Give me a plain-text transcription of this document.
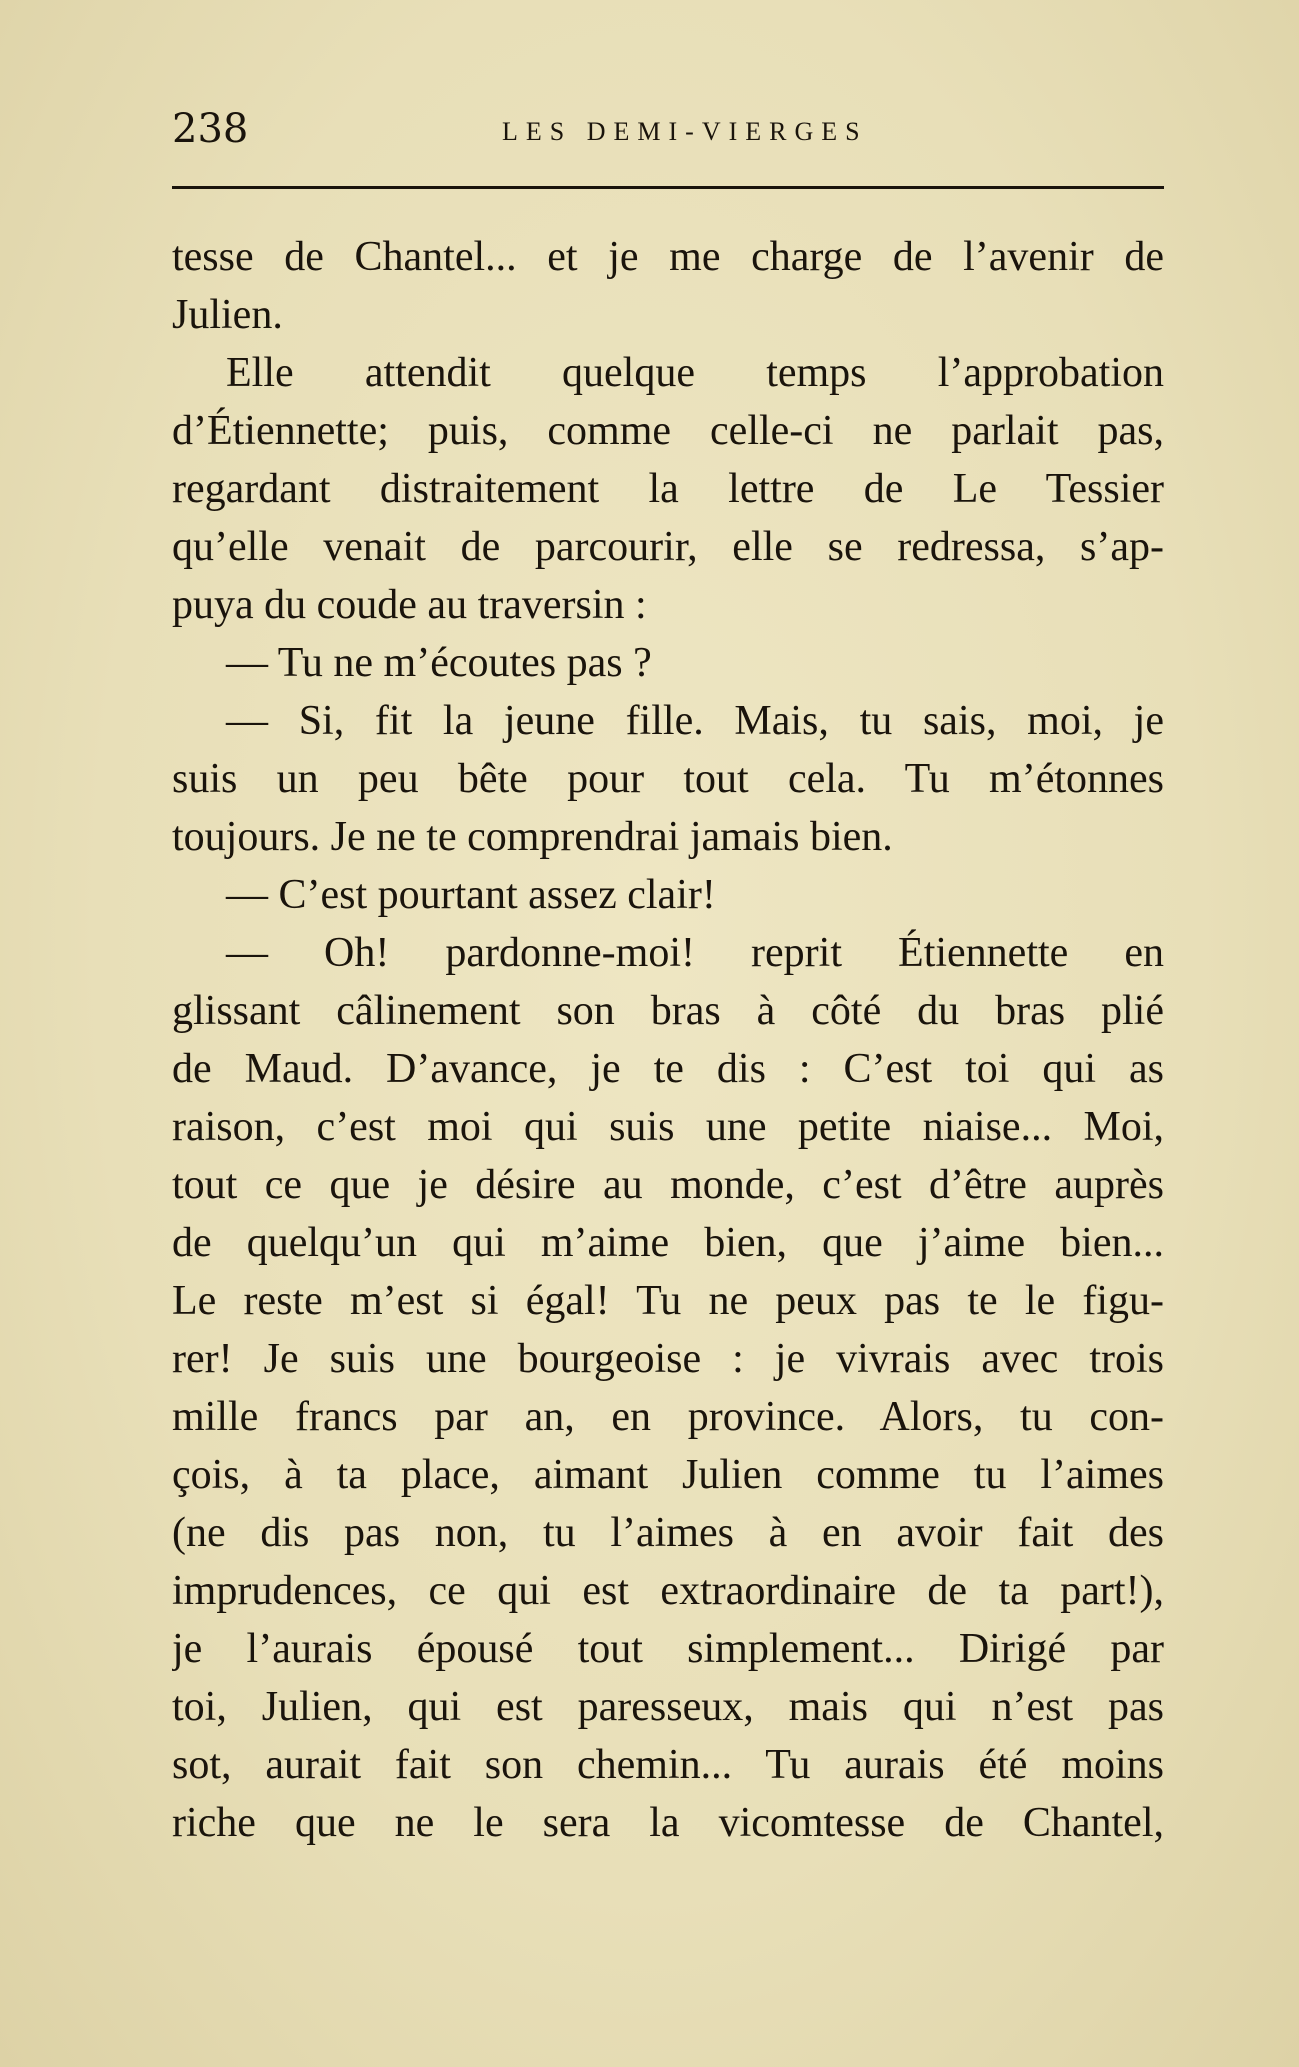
238	LES DEMI-VIERGES
tesse de Chantel... et je me charge de l’avenir de
Julien.
Elle attendit quelque temps l’approbation
d’Étiennette; puis, comme celle-ci ne parlait pas,
regardant distraitement la lettre de Le Tessier
qu’elle venait de parcourir, elle se redressa, s’ap-
puya du coude au traversin :
— Tu ne m’écoutes pas ?
— Si, fit la jeune fille. Mais, tu sais, moi, je
suis un peu bête pour tout cela. Tu m’étonnes
toujours. Je ne te comprendrai jamais bien.
— C’est pourtant assez clair!
— Oh! pardonne-moi! reprit Étiennette en
glissant câlinement son bras à côté du bras plié
de Maud. D’avance, je te dis : C’est toi qui as
raison, c’est moi qui suis une petite niaise... Moi,
tout ce que je désire au monde, c’est d’être auprès
de quelqu’un qui m’aime bien, que j’aime bien...
Le reste m’est si égal! Tu ne peux pas te le figu-
rer! Je suis une bourgeoise : je vivrais avec trois
mille francs par an, en province. Alors, tu con-
çois, à ta place, aimant Julien comme tu l’aimes
(ne dis pas non, tu l’aimes à en avoir fait des
imprudences, ce qui est extraordinaire de ta part!),
je l’aurais épousé tout simplement... Dirigé par
toi, Julien, qui est paresseux, mais qui n’est pas
sot, aurait fait son chemin... Tu aurais été moins
riche que ne le sera la vicomtesse de Chantel,
